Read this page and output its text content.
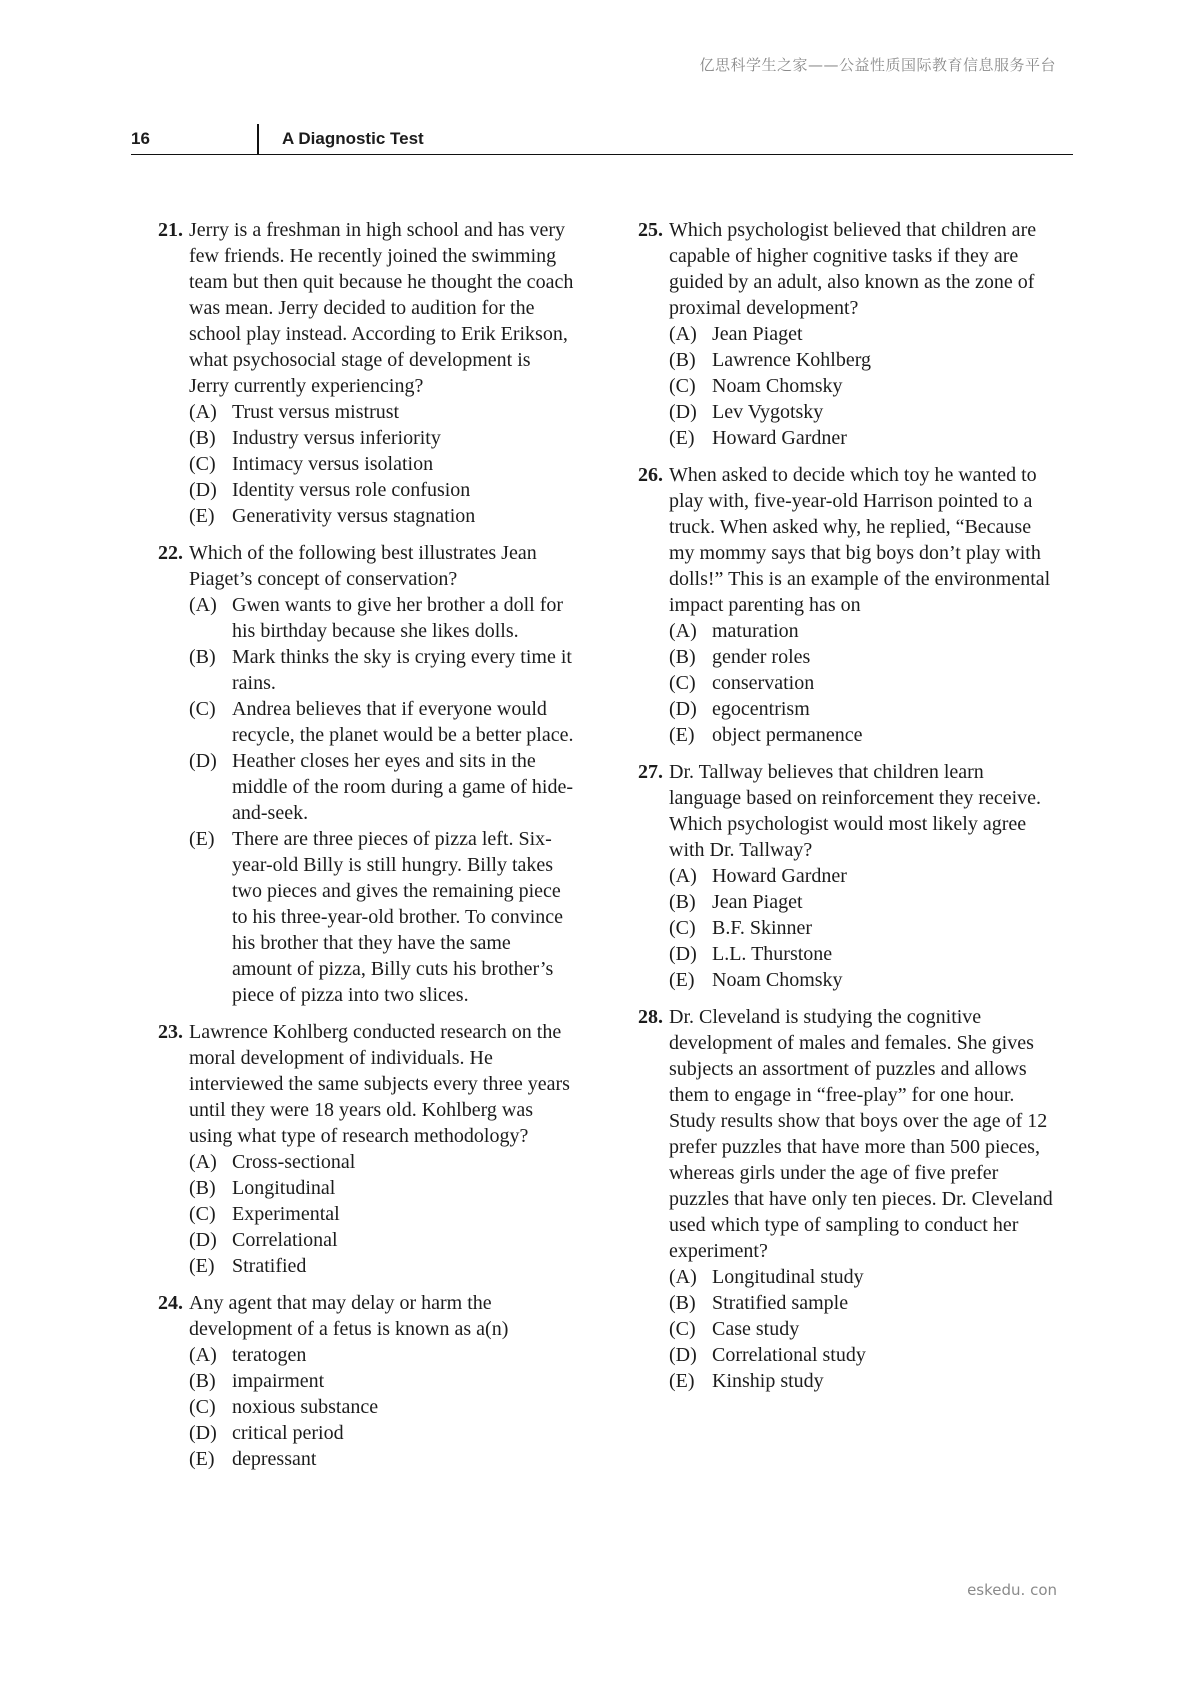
亿思科学生之家——公益性质国际教育信息服务平台
16	A Diagnostic Test
21. Jerry is a freshman in high school and has very few friends. He recently joined the swimming team but then quit because he thought the coach was mean. Jerry decided to audition for the school play instead. According to Erik Erikson, what psychosocial stage of development is Jerry currently experiencing?
(A) Trust versus mistrust
(B) Industry versus inferiority
(C) Intimacy versus isolation
(D) Identity versus role confusion
(E) Generativity versus stagnation
22. Which of the following best illustrates Jean Piaget’s concept of conservation?
(A) Gwen wants to give her brother a doll for his birthday because she likes dolls.
(B) Mark thinks the sky is crying every time it rains.
(C) Andrea believes that if everyone would recycle, the planet would be a better place.
(D) Heather closes her eyes and sits in the middle of the room during a game of hide-and-seek.
(E) There are three pieces of pizza left. Six-year-old Billy is still hungry. Billy takes two pieces and gives the remaining piece to his three-year-old brother. To convince his brother that they have the same amount of pizza, Billy cuts his brother’s piece of pizza into two slices.
23. Lawrence Kohlberg conducted research on the moral development of individuals. He interviewed the same subjects every three years until they were 18 years old. Kohlberg was using what type of research methodology?
(A) Cross-sectional
(B) Longitudinal
(C) Experimental
(D) Correlational
(E) Stratified
24. Any agent that may delay or harm the development of a fetus is known as a(n)
(A) teratogen
(B) impairment
(C) noxious substance
(D) critical period
(E) depressant
25. Which psychologist believed that children are capable of higher cognitive tasks if they are guided by an adult, also known as the zone of proximal development?
(A) Jean Piaget
(B) Lawrence Kohlberg
(C) Noam Chomsky
(D) Lev Vygotsky
(E) Howard Gardner
26. When asked to decide which toy he wanted to play with, five-year-old Harrison pointed to a truck. When asked why, he replied, “Because my mommy says that big boys don’t play with dolls!” This is an example of the environmental impact parenting has on
(A) maturation
(B) gender roles
(C) conservation
(D) egocentrism
(E) object permanence
27. Dr. Tallway believes that children learn language based on reinforcement they receive. Which psychologist would most likely agree with Dr. Tallway?
(A) Howard Gardner
(B) Jean Piaget
(C) B.F. Skinner
(D) L.L. Thurstone
(E) Noam Chomsky
28. Dr. Cleveland is studying the cognitive development of males and females. She gives subjects an assortment of puzzles and allows them to engage in “free-play” for one hour. Study results show that boys over the age of 12 prefer puzzles that have more than 500 pieces, whereas girls under the age of five prefer puzzles that have only ten pieces. Dr. Cleveland used which type of sampling to conduct her experiment?
(A) Longitudinal study
(B) Stratified sample
(C) Case study
(D) Correlational study
(E) Kinship study
eskedu. con
